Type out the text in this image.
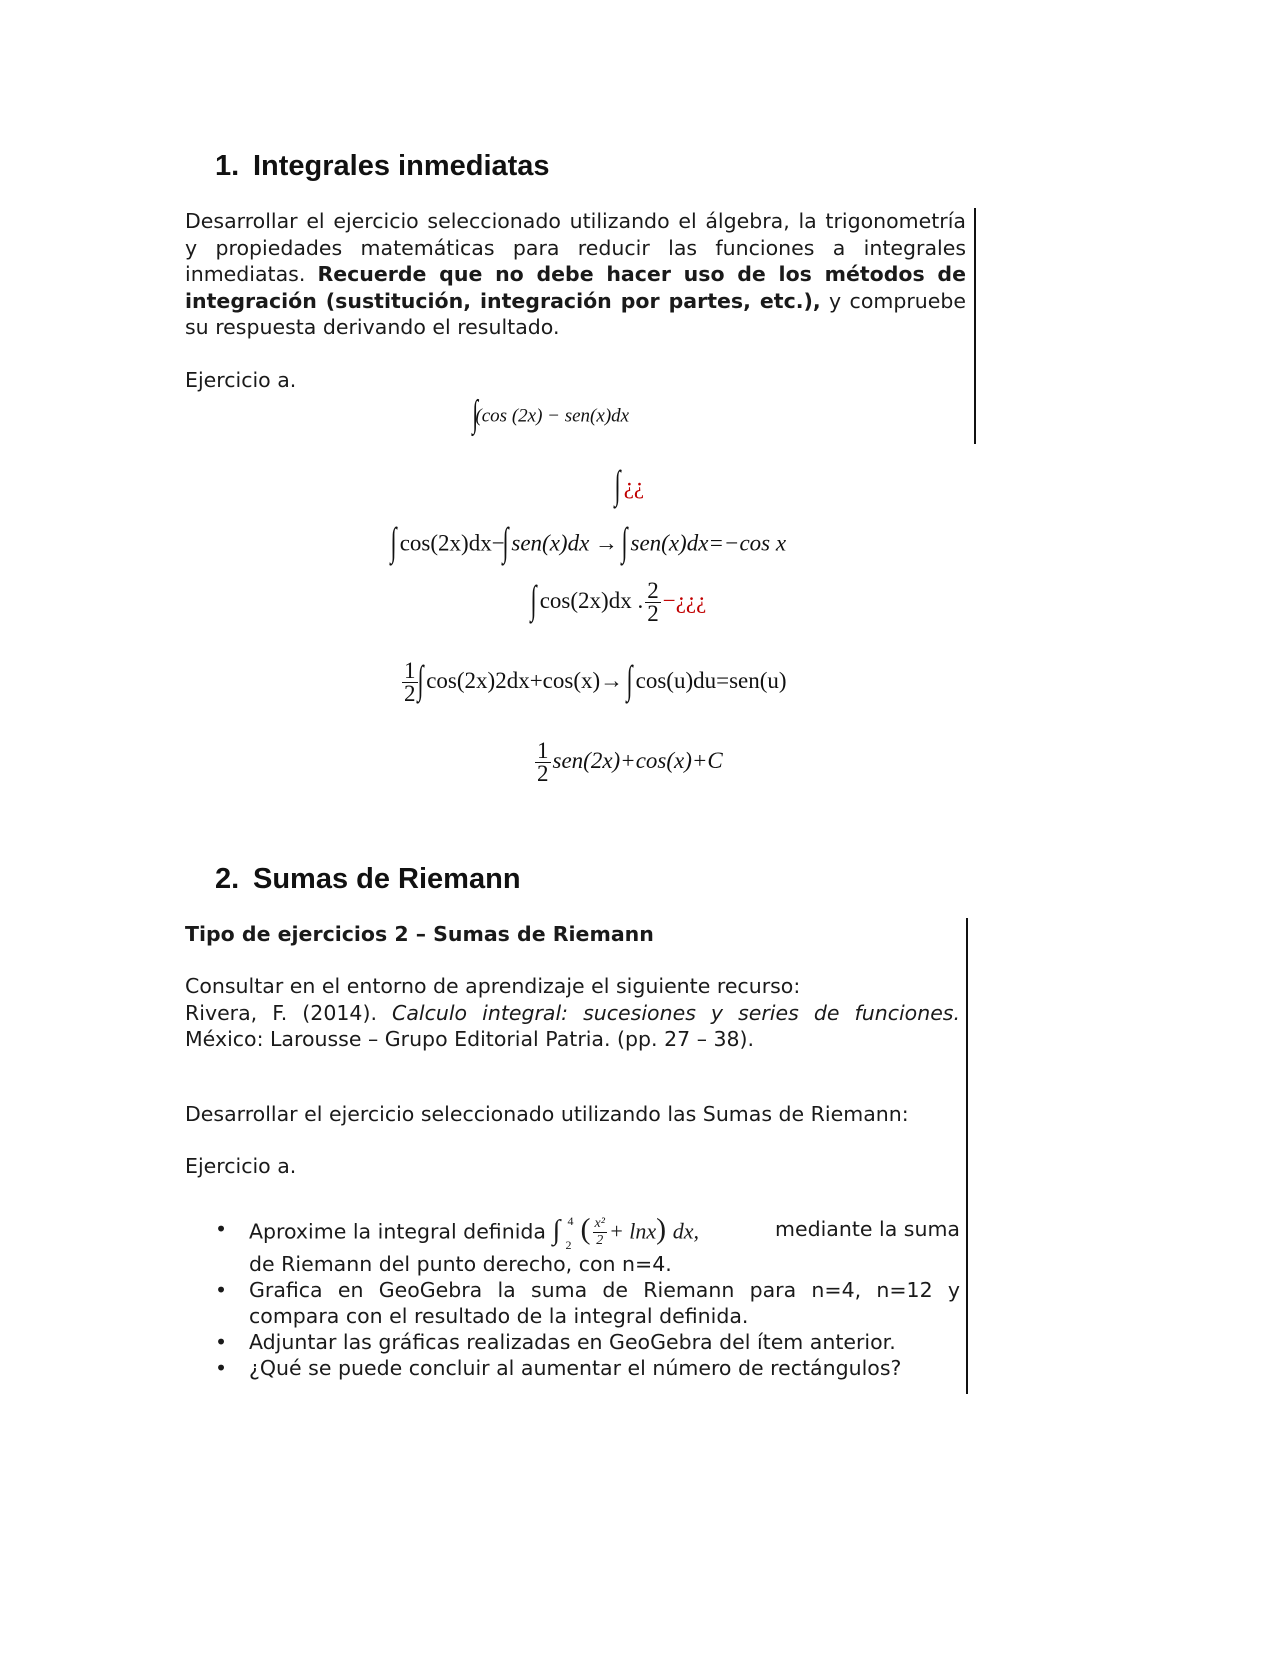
1. Integrales inmediatas
Desarrollar el ejercicio seleccionado utilizando el álgebra, la trigonometría y propiedades matemáticas para reducir las funciones a integrales inmediatas. Recuerde que no debe hacer uso de los métodos de integración (sustitución, integración por partes, etc.), y compruebe su respuesta derivando el resultado.
Ejercicio a.
∫(cos (2x) − sen(x)dx
∫ ¿¿
∫ cos(2x)dx−∫ sen(x)dx → ∫ sen(x)dx=−cos x
∫ cos(2x)dx . $\frac{2}{2}$ −¿¿¿
$\frac{1}{2}$ ∫ cos(2x)2dx+cos(x)→ ∫ cos(u)du=sen(u)
$\frac{1}{2} sen(2x)+\cos(x)+C$
2. Sumas de Riemann
Tipo de ejercicios 2 – Sumas de Riemann
Consultar en el entorno de aprendizaje el siguiente recurso:
Rivera, F. (2014). Calculo integral: sucesiones y series de funciones.
México: Larousse – Grupo Editorial Patria. (pp. 27 – 38).
Desarrollar el ejercicio seleccionado utilizando las Sumas de Riemann:
Ejercicio a.
• Aproxime la integral definida ∫ 4
2 ( $\frac{\text{x²}}{2} + \ln x$) dx,	mediante la suma
de Riemann del punto derecho, con n=4.
• Grafica en GeoGebra la suma de Riemann para n=4, n=12 y compara con el resultado de la integral definida.
• Adjuntar las gráficas realizadas en GeoGebra del ítem anterior.
• ¿Qué se puede concluir al aumentar el número de rectángulos?
